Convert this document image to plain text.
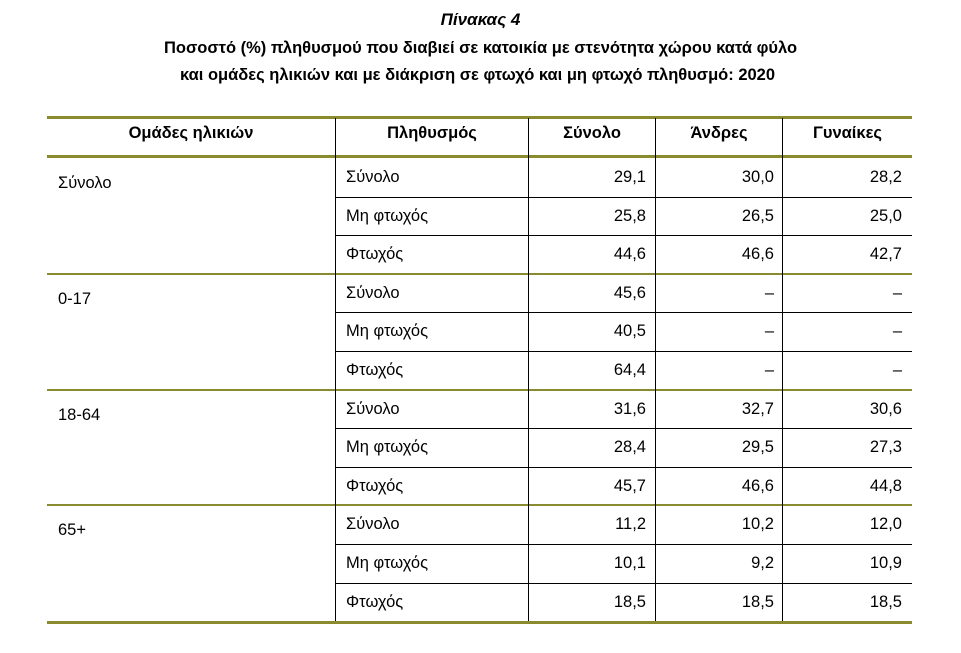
Πίνακας 4
Ποσοστό (%) πληθυσμού που διαβιεί σε κατοικία με στενότητα χώρου κατά φύλο
και ομάδες ηλικιών και με διάκριση σε φτωχό και μη φτωχό πληθυσμό: 2020
Ομάδες ηλικιών	Πληθυσμός	Σύνολο	Άνδρες	Γυναίκες
Σύνολο	Σύνολο	29,1	30,0	28,2
Μη φτωχός	25,8	26,5	25,0
Φτωχός	44,6	46,6	42,7
0-17	Σύνολο	45,6	–	–
Μη φτωχός	40,5	–	–
Φτωχός	64,4	–	–
18-64	Σύνολο	31,6	32,7	30,6
Μη φτωχός	28,4	29,5	27,3
Φτωχός	45,7	46,6	44,8
65+	Σύνολο	11,2	10,2	12,0
Μη φτωχός	10,1	9,2	10,9
Φτωχός	18,5	18,5	18,5
